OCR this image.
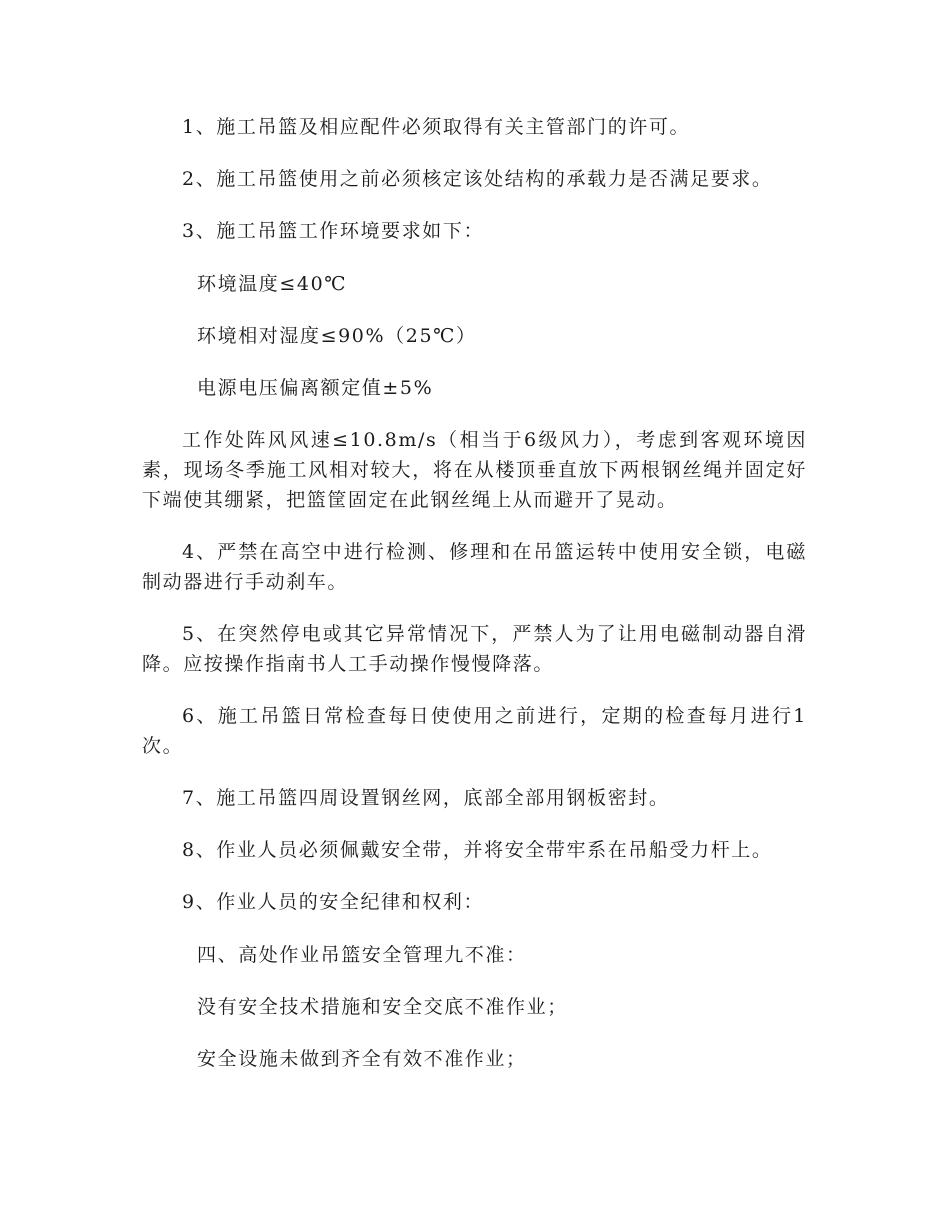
1、施工吊篮及相应配件必须取得有关主管部门的许可。

2、施工吊篮使用之前必须核定该处结构的承载力是否满足要求。

3、施工吊篮工作环境要求如下：

环境温度≤40℃

环境相对湿度≤90%（25℃）

电源电压偏离额定值±5%

工作处阵风风速≤10.8m/s（相当于6级风力），考虑到客观环境因素，现场冬季施工风相对较大，将在从楼顶垂直放下两根钢丝绳并固定好下端使其绷紧，把篮筐固定在此钢丝绳上从而避开了晃动。

4、严禁在高空中进行检测、修理和在吊篮运转中使用安全锁，电磁制动器进行手动刹车。

5、在突然停电或其它异常情况下，严禁人为了让用电磁制动器自滑降。应按操作指南书人工手动操作慢慢降落。

6、施工吊篮日常检查每日使使用之前进行，定期的检查每月进行1次。

7、施工吊篮四周设置钢丝网，底部全部用钢板密封。

8、作业人员必须佩戴安全带，并将安全带牢系在吊船受力杆上。

9、作业人员的安全纪律和权利：

四、高处作业吊篮安全管理九不准：

没有安全技术措施和安全交底不准作业；

安全设施未做到齐全有效不准作业；
